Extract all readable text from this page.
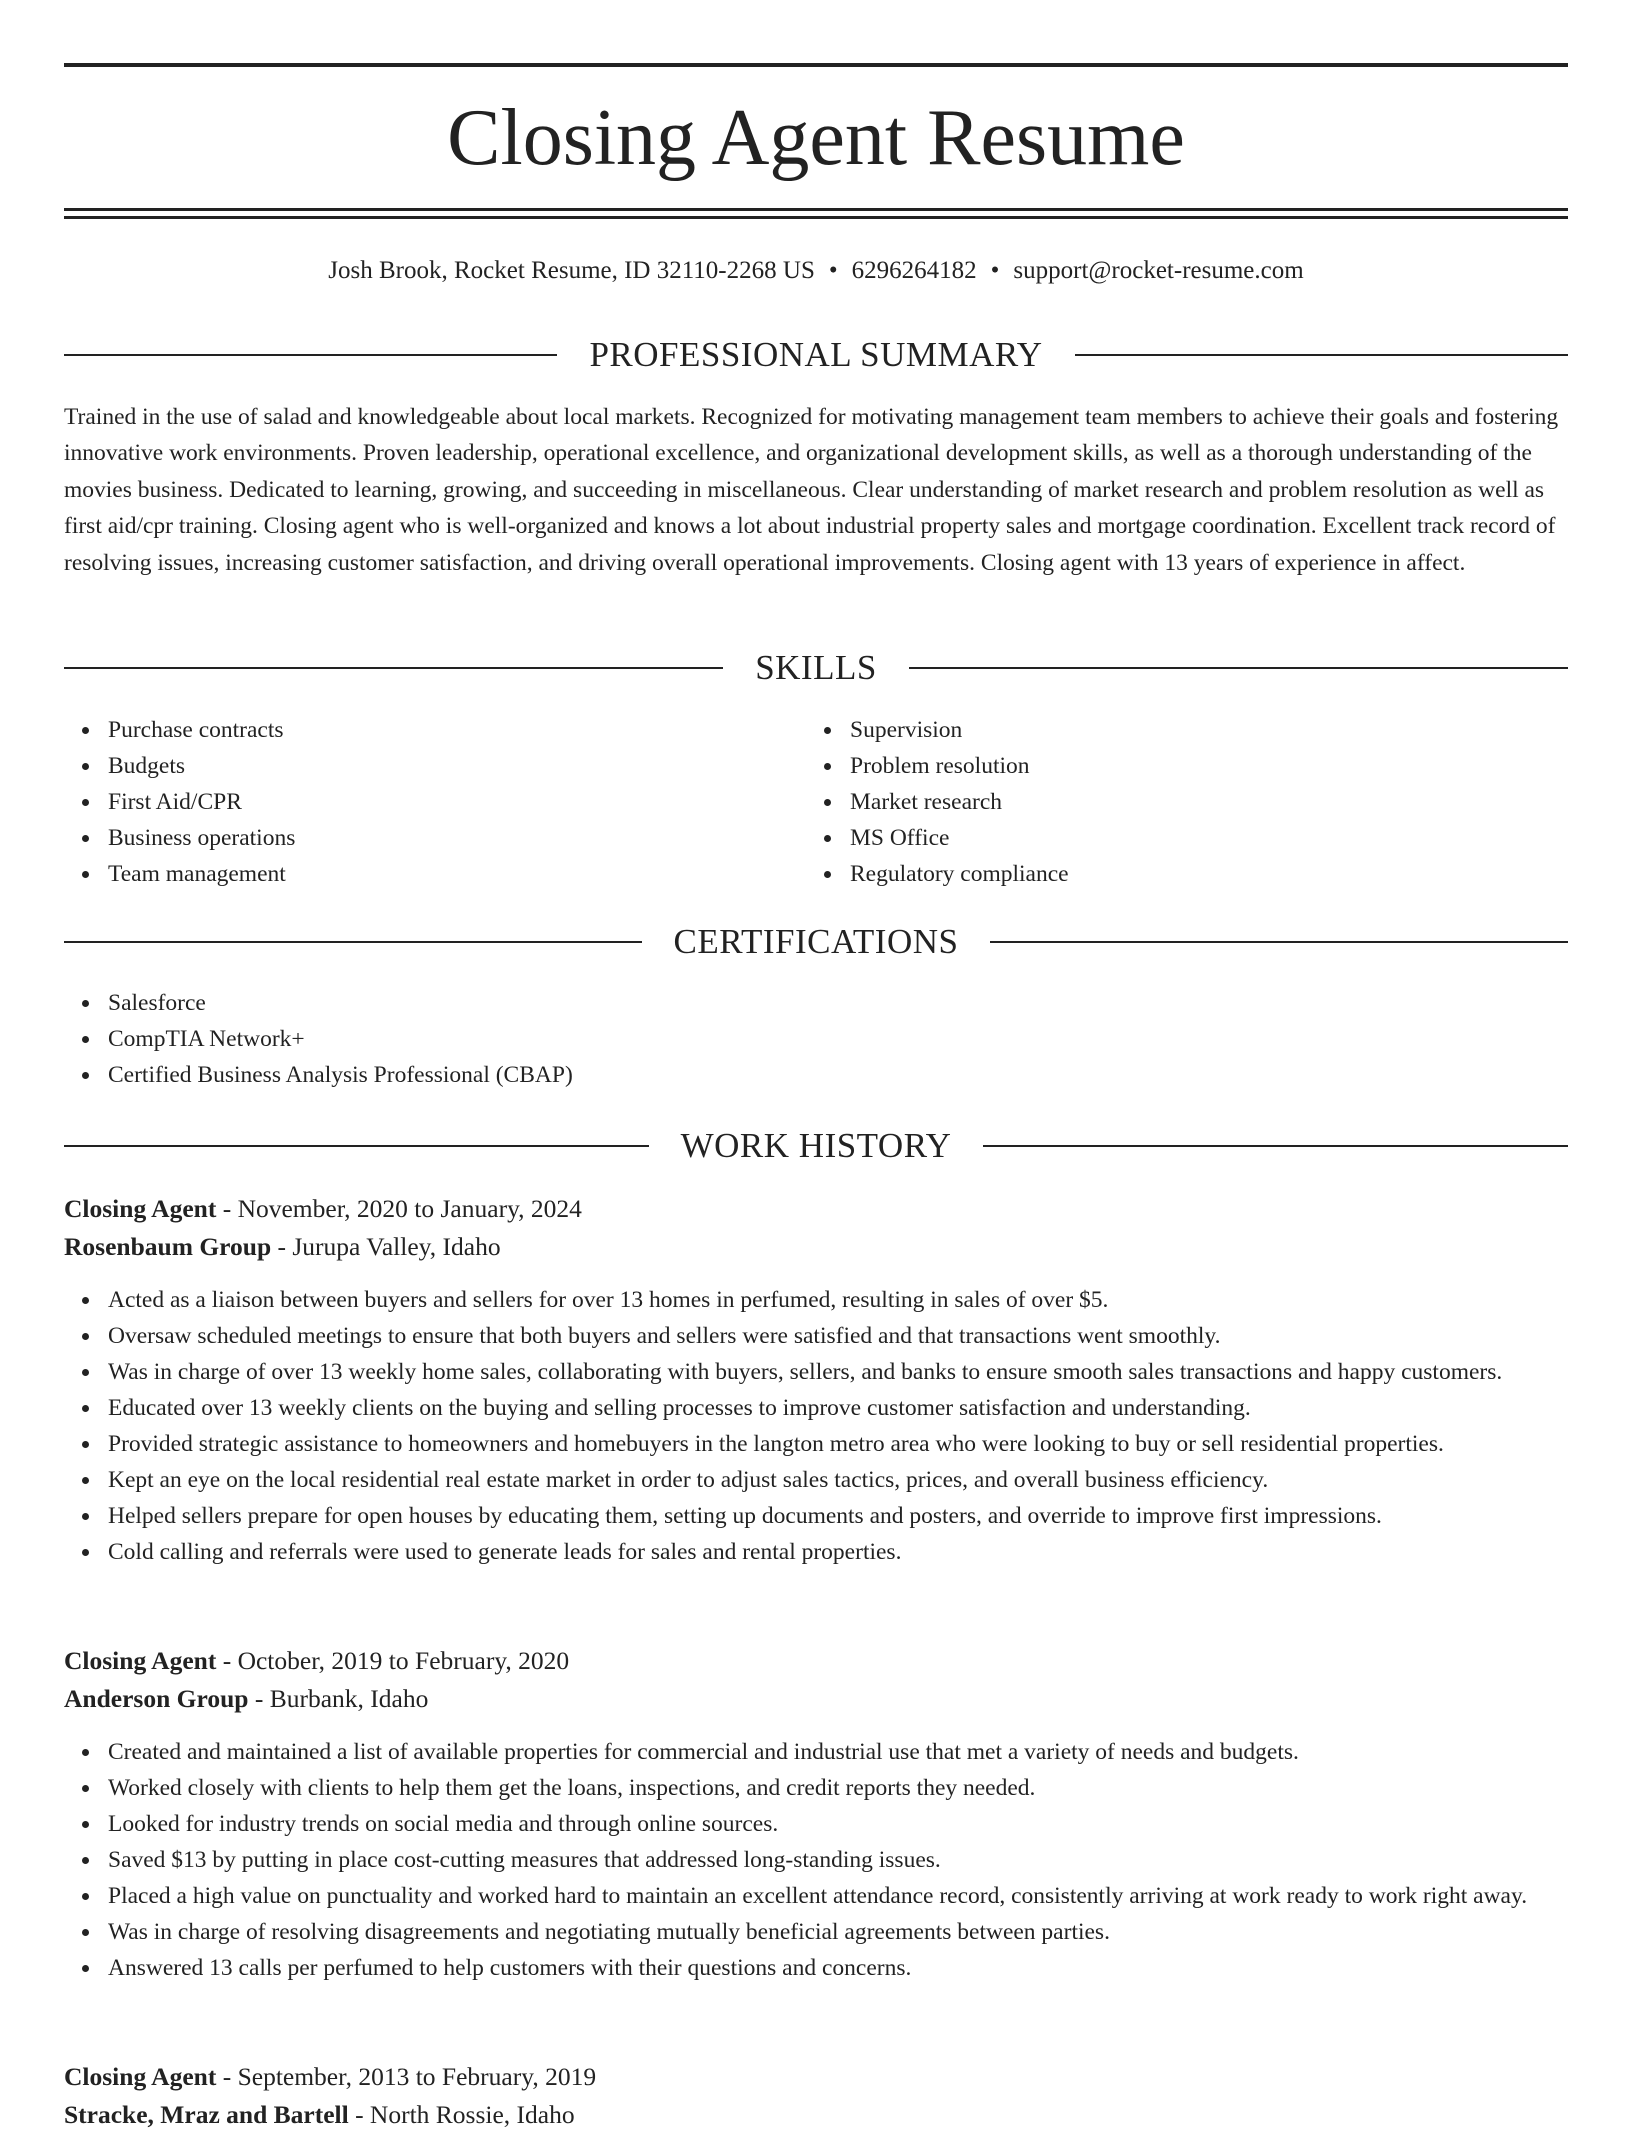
Closing Agent Resume
Josh Brook, Rocket Resume, ID 32110-2268 US • 6296264182 • support@rocket-resume.com
PROFESSIONAL SUMMARY

Trained in the use of salad and knowledgeable about local markets. Recognized for motivating management team members to achieve their goals and fostering innovative work environments. Proven leadership, operational excellence, and organizational development skills, as well as a thorough understanding of the movies business. Dedicated to learning, growing, and succeeding in miscellaneous. Clear understanding of market research and problem resolution as well as first aid/cpr training. Closing agent who is well-organized and knows a lot about industrial property sales and mortgage coordination. Excellent track record of resolving issues, increasing customer satisfaction, and driving overall operational improvements. Closing agent with 13 years of experience in affect.

SKILLS
Purchase contracts
Budgets
First Aid/CPR
Business operations
Team management
Supervision
Problem resolution
Market research
MS Office
Regulatory compliance
CERTIFICATIONS
Salesforce
CompTIA Network+
Certified Business Analysis Professional (CBAP)
WORK HISTORY
Closing Agent - November, 2020 to January, 2024
Rosenbaum Group - Jurupa Valley, Idaho
Acted as a liaison between buyers and sellers for over 13 homes in perfumed, resulting in sales of over $5.
Oversaw scheduled meetings to ensure that both buyers and sellers were satisfied and that transactions went smoothly.
Was in charge of over 13 weekly home sales, collaborating with buyers, sellers, and banks to ensure smooth sales transactions and happy customers.
Educated over 13 weekly clients on the buying and selling processes to improve customer satisfaction and understanding.
Provided strategic assistance to homeowners and homebuyers in the langton metro area who were looking to buy or sell residential properties.
Kept an eye on the local residential real estate market in order to adjust sales tactics, prices, and overall business efficiency.
Helped sellers prepare for open houses by educating them, setting up documents and posters, and override to improve first impressions.
Cold calling and referrals were used to generate leads for sales and rental properties.
Closing Agent - October, 2019 to February, 2020
Anderson Group - Burbank, Idaho
Created and maintained a list of available properties for commercial and industrial use that met a variety of needs and budgets.
Worked closely with clients to help them get the loans, inspections, and credit reports they needed.
Looked for industry trends on social media and through online sources.
Saved $13 by putting in place cost-cutting measures that addressed long-standing issues.
Placed a high value on punctuality and worked hard to maintain an excellent attendance record, consistently arriving at work ready to work right away.
Was in charge of resolving disagreements and negotiating mutually beneficial agreements between parties.
Answered 13 calls per perfumed to help customers with their questions and concerns.
Closing Agent - September, 2013 to February, 2019
Stracke, Mraz and Bartell - North Rossie, Idaho
